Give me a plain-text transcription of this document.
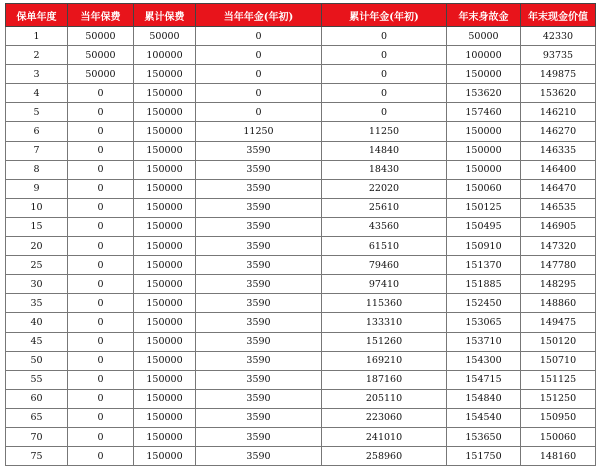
保单年度	当年保费	累计保费	当年年金(年初)	累计年金(年初)	年末身故金	年末现金价值
1	50000	50000	0	0	50000	42330
2	50000	100000	0	0	100000	93735
3	50000	150000	0	0	150000	149875
4	0	150000	0	0	153620	153620
5	0	150000	0	0	157460	146210
6	0	150000	11250	11250	150000	146270
7	0	150000	3590	14840	150000	146335
8	0	150000	3590	18430	150000	146400
9	0	150000	3590	22020	150060	146470
10	0	150000	3590	25610	150125	146535
15	0	150000	3590	43560	150495	146905
20	0	150000	3590	61510	150910	147320
25	0	150000	3590	79460	151370	147780
30	0	150000	3590	97410	151885	148295
35	0	150000	3590	115360	152450	148860
40	0	150000	3590	133310	153065	149475
45	0	150000	3590	151260	153710	150120
50	0	150000	3590	169210	154300	150710
55	0	150000	3590	187160	154715	151125
60	0	150000	3590	205110	154840	151250
65	0	150000	3590	223060	154540	150950
70	0	150000	3590	241010	153650	150060
75	0	150000	3590	258960	151750	148160
